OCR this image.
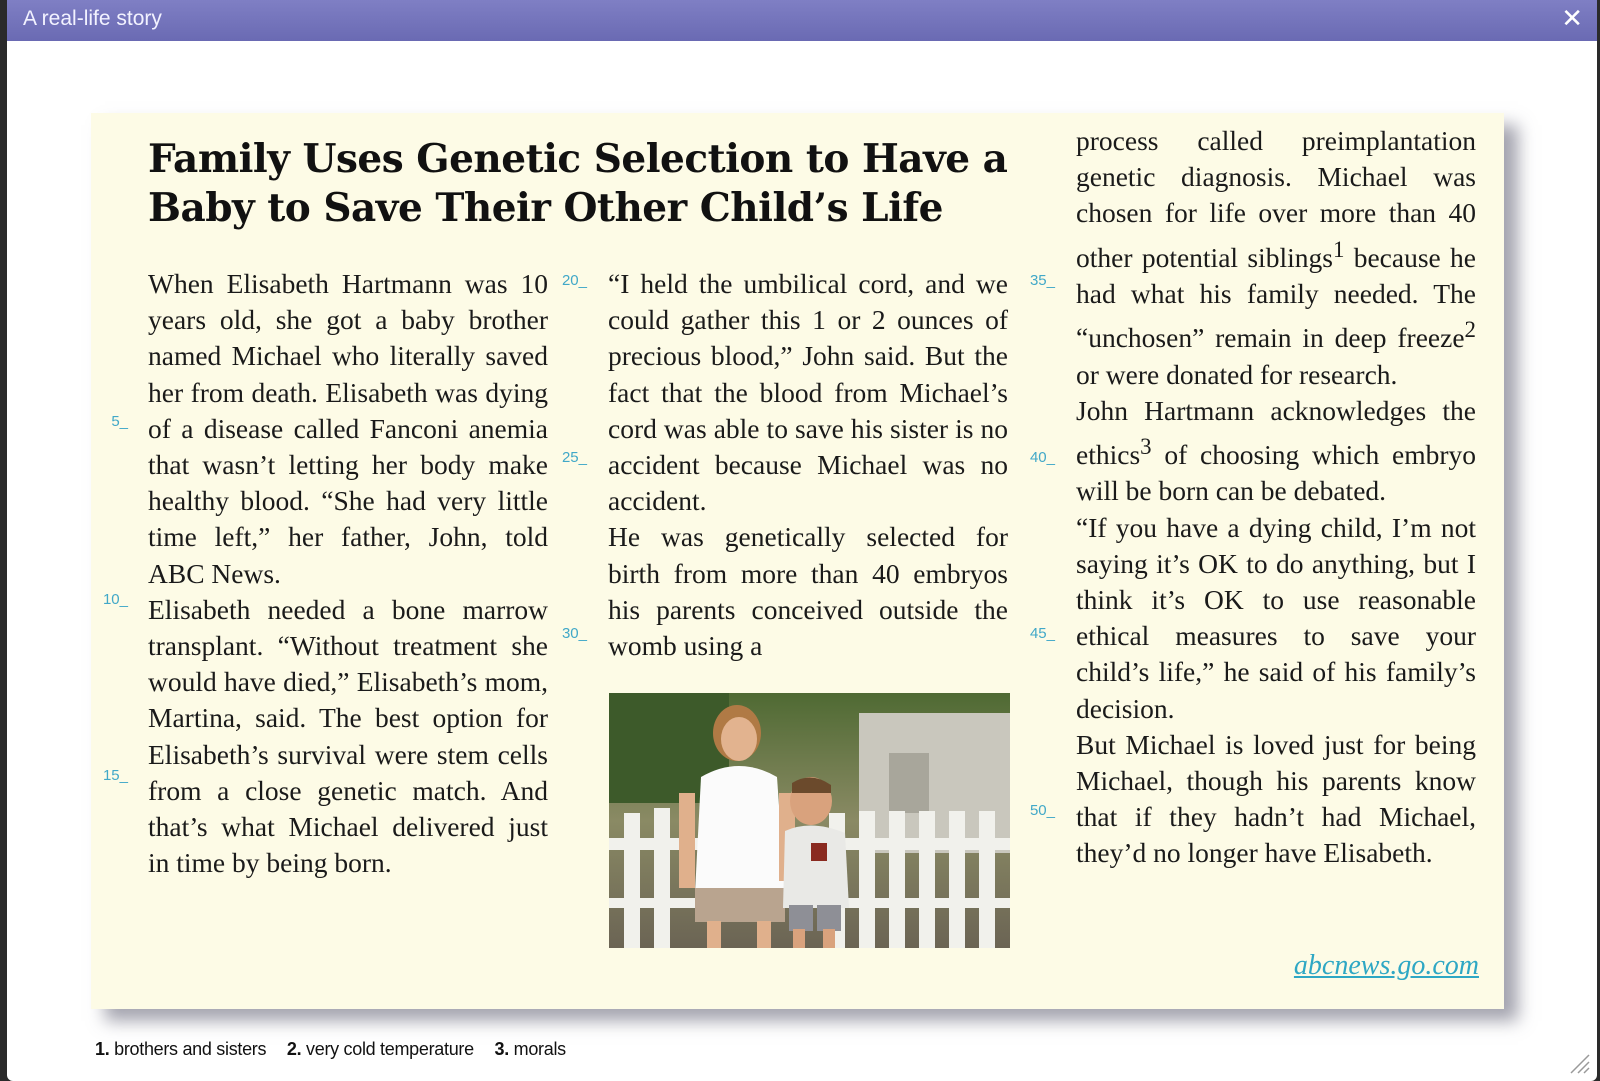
A real-life story	✕
Family Uses Genetic Selection to Have a Baby to Save Their Other Child’s Life

When Elisabeth Hartmann was 10 years old, she got a baby brother named Michael who literally saved her from death. Elisabeth was dying of a disease called Fanconi anemia that wasn’t letting her body make healthy blood. “She had very little time left,” her father, John, told ABC News.

Elisabeth needed a bone marrow transplant. “Without treatment she would have died,” Elisabeth’s mom, Martina, said. The best option for Elisabeth’s survival were stem cells from a close genetic match. And that’s what Michael delivered just in time by being born.

“I held the umbilical cord, and we could gather this 1 or 2 ounces of precious blood,” John said. But the fact that the blood from Michael’s cord was able to save his sister is no accident because Michael was no accident.

He was genetically selected for birth from more than 40 embryos his parents conceived outside the womb using a

process called preimplantation genetic diagnosis. Michael was chosen for life over more than 40 other potential siblings$^1$ because he had what his family needed. The “unchosen” remain in deep freeze$^2$ or were donated for research.

John Hartmann acknowledges the ethics$^3$ of choosing which embryo will be born can be debated.

“If you have a dying child, I’m not saying it’s OK to do anything, but I think it’s OK to use reasonable ethical measures to save your child’s life,” he said of his family’s decision.

But Michael is loved just for being Michael, though his parents know that if they hadn’t had Michael, they’d no longer have Elisabeth.

5 _
10 _
15 _
20 _
25 _
30 _
35 _
40 _
45 _
50 _
abcnews.go.com
1. brothers and sisters 2. very cold temperature 3. morals
